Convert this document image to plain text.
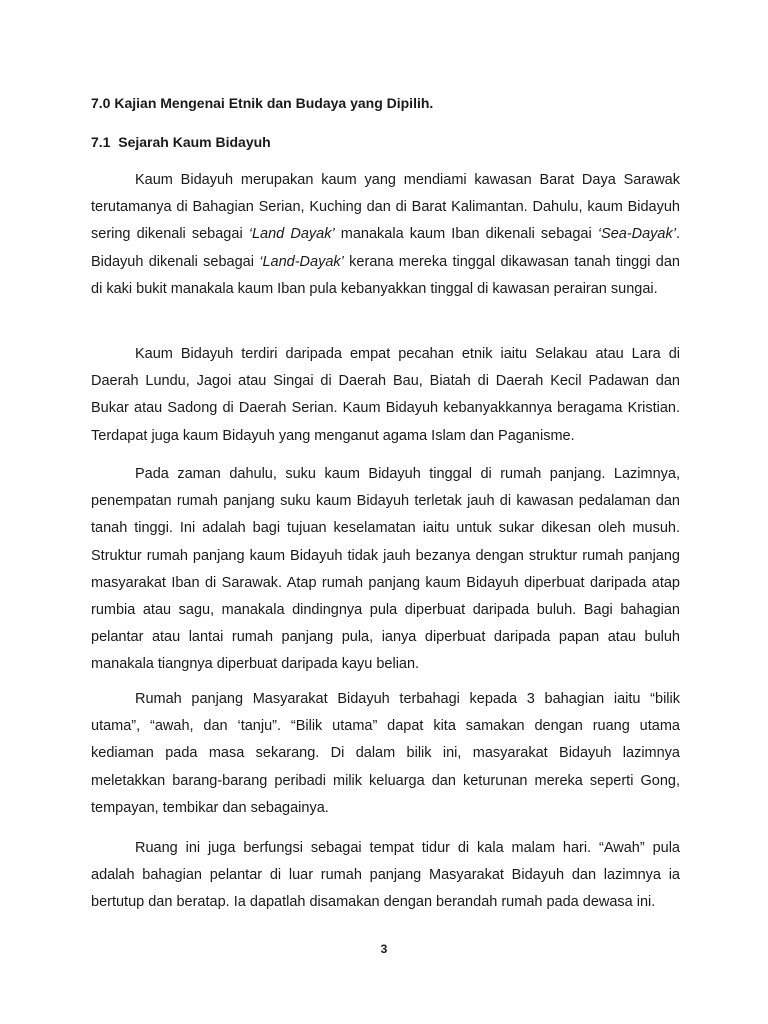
7.0 Kajian Mengenai Etnik dan Budaya yang Dipilih.
7.1  Sejarah Kaum Bidayuh

Kaum Bidayuh merupakan kaum yang mendiami kawasan Barat Daya Sarawak terutamanya di Bahagian Serian, Kuching dan di Barat Kalimantan. Dahulu, kaum Bidayuh sering dikenali sebagai ‘Land Dayak’ manakala kaum Iban dikenali sebagai ‘Sea-Dayak’. Bidayuh dikenali sebagai ‘Land-Dayak’ kerana mereka tinggal dikawasan tanah tinggi dan di kaki bukit manakala kaum Iban pula kebanyakkan tinggal di kawasan perairan sungai.

Kaum Bidayuh terdiri daripada empat pecahan etnik iaitu Selakau atau Lara di Daerah Lundu, Jagoi atau Singai di Daerah Bau, Biatah di Daerah Kecil Padawan dan Bukar atau Sadong di Daerah Serian. Kaum Bidayuh kebanyakkannya beragama Kristian. Terdapat juga kaum Bidayuh yang menganut agama Islam dan Paganisme.

Pada zaman dahulu, suku kaum Bidayuh tinggal di rumah panjang. Lazimnya, penempatan rumah panjang suku kaum Bidayuh terletak jauh di kawasan pedalaman dan tanah tinggi. Ini adalah bagi tujuan keselamatan iaitu untuk sukar dikesan oleh musuh. Struktur rumah panjang kaum Bidayuh tidak jauh bezanya dengan struktur rumah panjang masyarakat Iban di Sarawak. Atap rumah panjang kaum Bidayuh diperbuat daripada atap rumbia atau sagu, manakala dindingnya pula diperbuat daripada buluh. Bagi bahagian pelantar atau lantai rumah panjang pula, ianya diperbuat daripada papan atau buluh manakala tiangnya diperbuat daripada kayu belian.

Rumah panjang Masyarakat Bidayuh terbahagi kepada 3 bahagian iaitu “bilik utama”, “awah, dan ‘tanju”. “Bilik utama” dapat kita samakan dengan ruang utama kediaman pada masa sekarang. Di dalam bilik ini, masyarakat Bidayuh lazimnya meletakkan barang-barang peribadi milik keluarga dan keturunan mereka seperti Gong, tempayan, tembikar dan sebagainya.

Ruang ini juga berfungsi sebagai tempat tidur di kala malam hari. “Awah” pula adalah bahagian pelantar di luar rumah panjang Masyarakat Bidayuh dan lazimnya ia bertutup dan beratap. Ia dapatlah disamakan dengan berandah rumah pada dewasa ini.

3
